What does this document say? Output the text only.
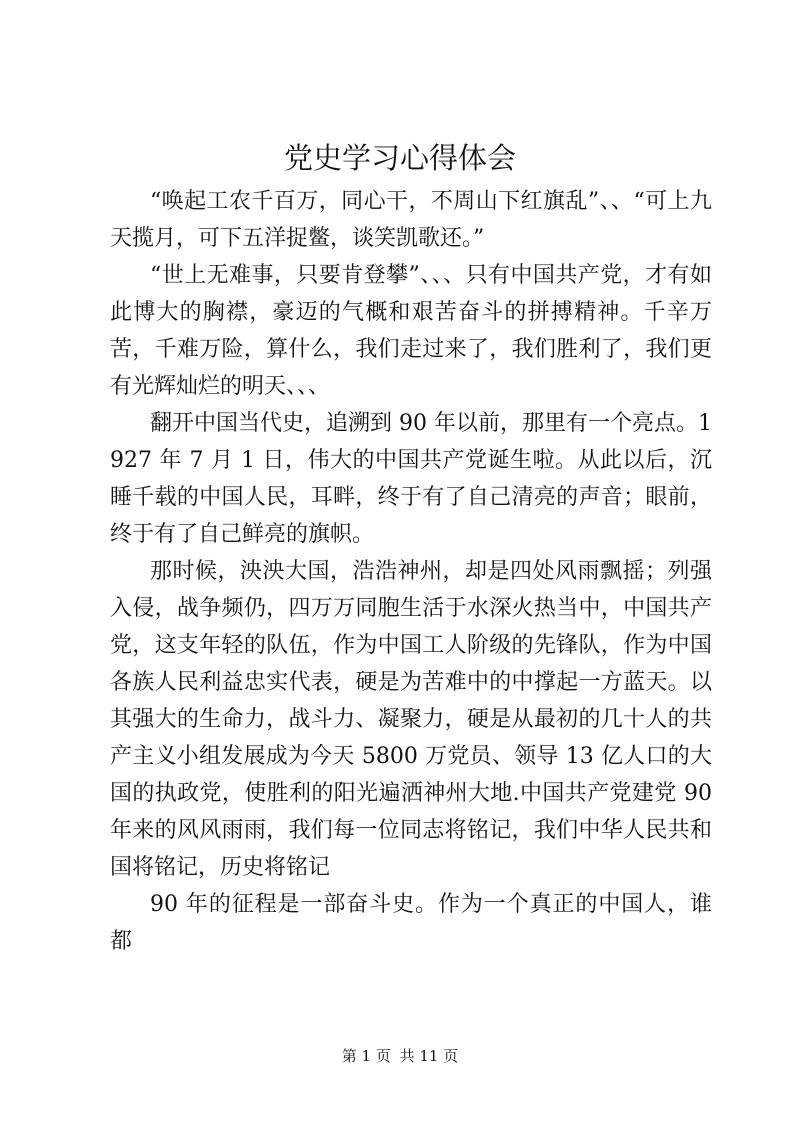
党史学习心得体会

“唤起工农千百万，同心干，不周山下红旗乱”、、“可上九天揽月，可下五洋捉鳖，谈笑凯歌还。”

“世上无难事，只要肯登攀”、、、只有中国共产党，才有如此博大的胸襟，豪迈的气概和艰苦奋斗的拼搏精神。千辛万苦，千难万险，算什么，我们走过来了，我们胜利了，我们更有光辉灿烂的明天、、、

翻开中国当代史，追溯到 90 年以前，那里有一个亮点。1927 年 7 月 1 日，伟大的中国共产党诞生啦。从此以后，沉睡千载的中国人民，耳畔，终于有了自己清亮的声音；眼前，终于有了自己鲜亮的旗帜。

那时候，泱泱大国，浩浩神州，却是四处风雨飘摇；列强入侵，战争频仍，四万万同胞生活于水深火热当中，中国共产党，这支年轻的队伍，作为中国工人阶级的先锋队，作为中国各族人民利益忠实代表，硬是为苦难中的中撑起一方蓝天。以其强大的生命力，战斗力、凝聚力，硬是从最初的几十人的共产主义小组发展成为今天 5800 万党员、领导 13 亿人口的大国的执政党，使胜利的阳光遍洒神州大地.中国共产党建党 90 年来的风风雨雨，我们每一位同志将铭记，我们中华人民共和国将铭记，历史将铭记

90 年的征程是一部奋斗史。作为一个真正的中国人，谁都

第 1 页 共 11 页
